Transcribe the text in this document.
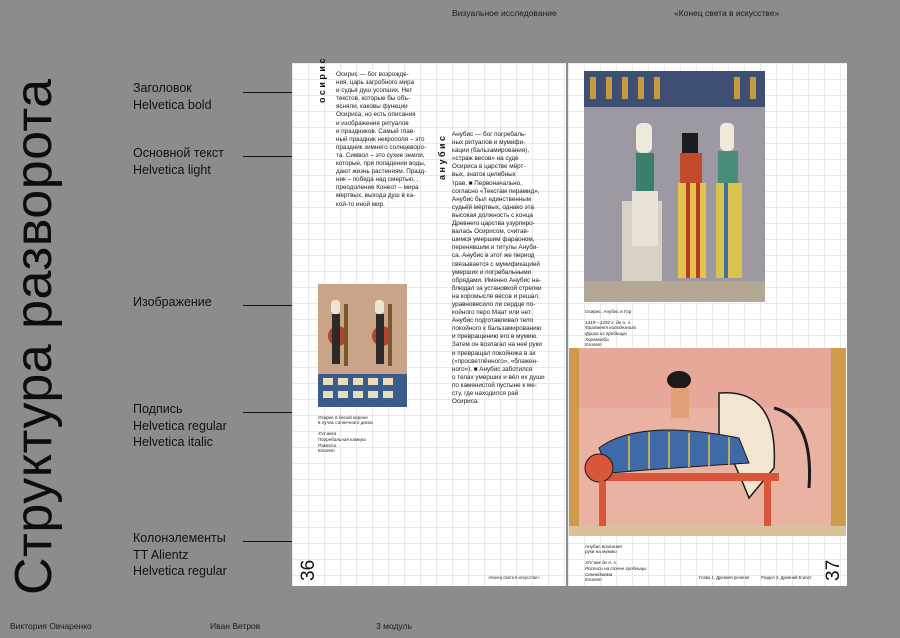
Визуальное исследование	«Конец света в искусстве»
Структура разворота	Заголовок
Helvetica bold
Основной текст
Helvetica light
Изображение
Подпись
Helvetica regular
Helvetica italic
Колонэлементы
TT Alientz
Helvetica regular
осирис Осирис — бог возрожде-
ния, царь загробного мира
и судья душ усопших. Нет
текстов, которые бы объ-
ясняли, каковы функции
Осириса, но есть описания
и изображения ритуалов
и праздников. Самый глав-
ный праздник некрополя – это
праздник зимнего солнцеворо-
та. Символ – это сухие земли,
которые, при попадении воды,
дают жизнь растениям. Празд-
ник – победа над смертью, ,
преодоление Конеот – мира
мертвых, выхода душ в ка-
кой-то иной мир.
анубис Анубис — бог погребаль-
ных ритуалов и мумифи-
кации (бальзамирования),
«страж весов» на суде
Осириса в царстве мёрт-
вых, знаток целебных
трав. ■ Первоначально,
согласно «Текстам пирамид»,
Анубис был единственным
судьёй мёртвых, однако эта
высокая должность с конца
Древнего царства узурпиро-
валась Осирисом, считав-
шимся умершим фараоном,
перенявшим и титулы Ануби-
са. Анубис в этот же период
связывается с мумификацией
умерших и погребальными
обрядами. Именно Анубис на-
блюдал за установкой стрелки
на коромысле весов и решал,
уравновесило ли сердце по-
койного перо Маат или нет.
Анубис подготавливал тело
покойного к бальзамированию
и превращению его в мумию.
Затем он возлагал на неё руки
и превращал покойника в ах
(«просветлённого», «блажен-
ного»). ■ Анубис заботился
о телах умерших и вёл их души
по каменистой пустыне к ме-
сту, где находился рай
Осириса.

Осирис в белой короне
в лучах солнечного диска

XVI века
Погребальная камера
Рамсеса
Египет

36	«Конец света в искусстве»

Осирис, Анубис и Гор

1319—1292 г. до н. э.
Фрагмент колодезного
фриза из гробницы
Хоремхеба
Египет

Анубис возлагает
руки на мумию

XIV век до н. э.
Росписи на стене гробницы
Сеннеджема
Египет	Глава 1. Древняя религия	Раздел 3. Древний Египет 37
Виктория Овчаренко	Иван Ветров	3 модуль
